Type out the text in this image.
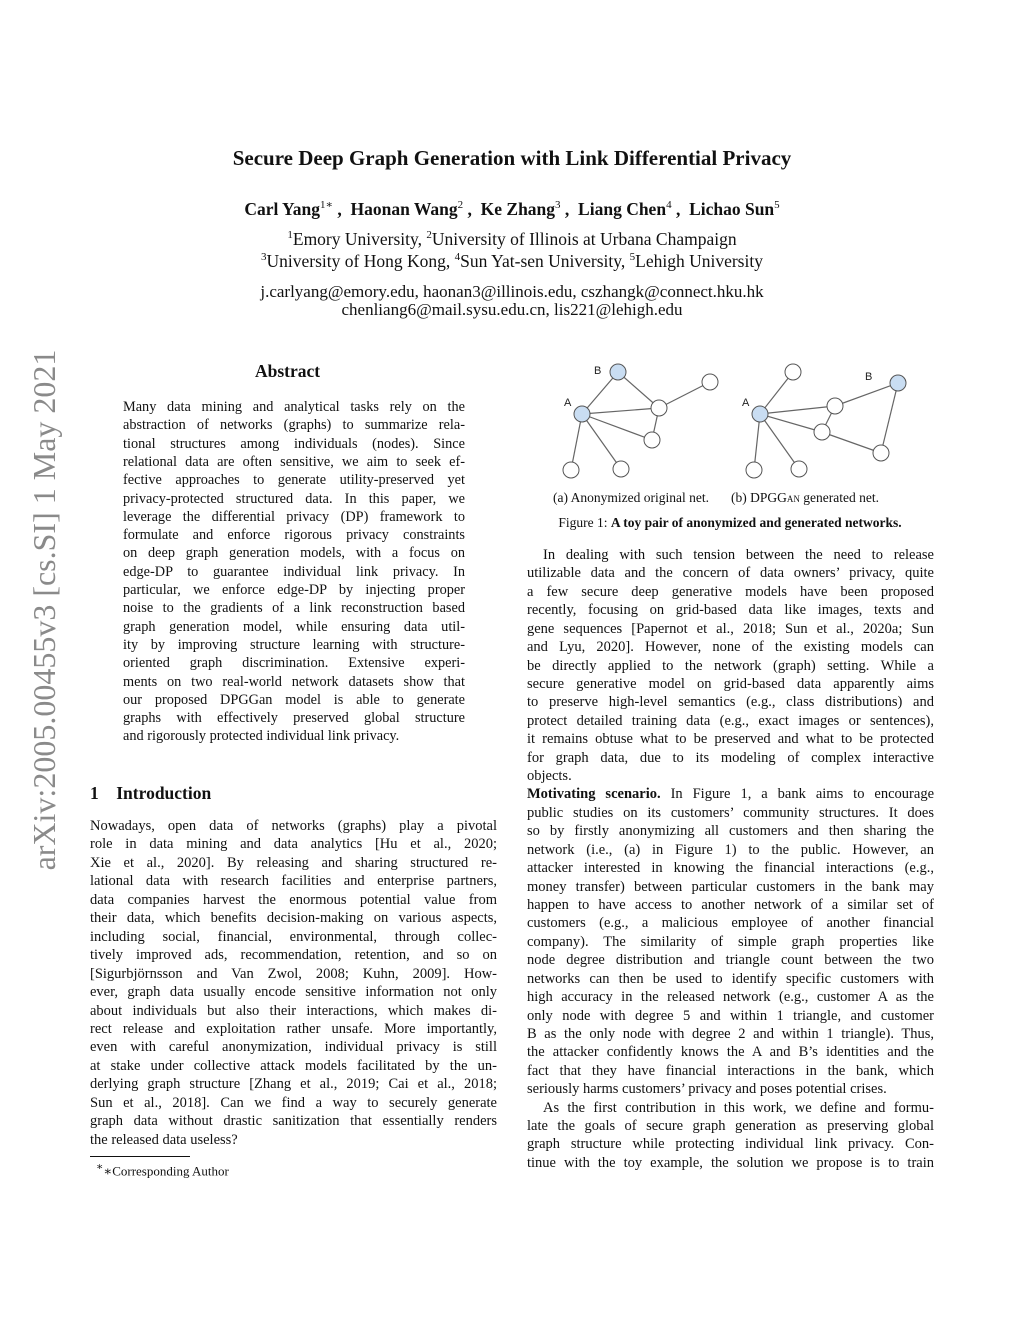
Secure Deep Graph Generation with Link Differential Privacy
Carl Yang$^{1∗}$ ,  Haonan Wang$^2$ ,  Ke Zhang$^3$ ,  Liang Chen$^4$ ,  Lichao Sun$^5$
$^1$Emory University, $^2$University of Illinois at Urbana Champaign
$^3$University of Hong Kong, $^4$Sun Yat-sen University, $^5$Lehigh University
j.carlyang@emory.edu, haonan3@illinois.edu, cszhangk@connect.hku.hk
chenliang6@mail.sysu.edu.cn, lis221@lehigh.edu
arXiv:2005.00455v3 [cs.SI] 1 May 2021	Abstract
Many data mining and analytical tasks rely on the
abstraction of networks (graphs) to summarize rela-
tional structures among individuals (nodes). Since
relational data are often sensitive, we aim to seek ef-
fective approaches to generate utility-preserved yet
privacy-protected structured data. In this paper, we
leverage the differential privacy (DP) framework to
formulate and enforce rigorous privacy constraints
on deep graph generation models, with a focus on
edge-DP to guarantee individual link privacy. In
particular, we enforce edge-DP by injecting proper
noise to the gradients of a link reconstruction based
graph generation model, while ensuring data util-
ity by improving structure learning with structure-
oriented graph discrimination. Extensive experi-
ments on two real-world network datasets show that
our proposed DPGGan model is able to generate
graphs with effectively preserved global structure
and rigorously protected individual link privacy.
1    Introduction
Nowadays, open data of networks (graphs) play a pivotal
role in data mining and data analytics [Hu et al., 2020;
Xie et al., 2020]. By releasing and sharing structured re-
lational data with research facilities and enterprise partners,
data companies harvest the enormous potential value from
their data, which benefits decision-making on various aspects,
including social, financial, environmental, through collec-
tively improved ads, recommendation, retention, and so on
[Sigurbjörnsson and Van Zwol, 2008; Kuhn, 2009]. How-
ever, graph data usually encode sensitive information not only
about individuals but also their interactions, which makes di-
rect release and exploitation rather unsafe. More importantly,
even with careful anonymization, individual privacy is still
at stake under collective attack models facilitated by the un-
derlying graph structure [Zhang et al., 2019; Cai et al., 2018;
Sun et al., 2018]. Can we find a way to securely generate
graph data without drastic sanitization that essentially renders
the released data useless?
∗∗Corresponding Author
A
B
A
B
(a) Anonymized original net. (b) DPGGan generated net.
Figure 1: A toy pair of anonymized and generated networks.
In dealing with such tension between the need to release
utilizable data and the concern of data owners’ privacy, quite
a few secure deep generative models have been proposed
recently, focusing on grid-based data like images, texts and
gene sequences [Papernot et al., 2018; Sun et al., 2020a; Sun
and Lyu, 2020]. However, none of the existing models can
be directly applied to the network (graph) setting. While a
secure generative model on grid-based data apparently aims
to preserve high-level semantics (e.g., class distributions) and
protect detailed training data (e.g., exact images or sentences),
it remains obtuse what to be preserved and what to be protected
for graph data, due to its modeling of complex interactive
objects.
Motivating scenario. In Figure 1, a bank aims to encourage
public studies on its customers’ community structures. It does
so by firstly anonymizing all customers and then sharing the
network (i.e., (a) in Figure 1) to the public. However, an
attacker interested in knowing the financial interactions (e.g.,
money transfer) between particular customers in the bank may
happen to have access to another network of a similar set of
customers (e.g., a malicious employee of another financial
company). The similarity of simple graph properties like
node degree distribution and triangle count between the two
networks can then be used to identify specific customers with
high accuracy in the released network (e.g., customer A as the
only node with degree 5 and within 1 triangle, and customer
B as the only node with degree 2 and within 1 triangle). Thus,
the attacker confidently knows the A and B’s identities and the
fact that they have financial interactions in the bank, which
seriously harms customers’ privacy and poses potential crises.
As the first contribution in this work, we define and formu-
late the goals of secure graph generation as preserving global
graph structure while protecting individual link privacy. Con-
tinue with the toy example, the solution we propose is to train
